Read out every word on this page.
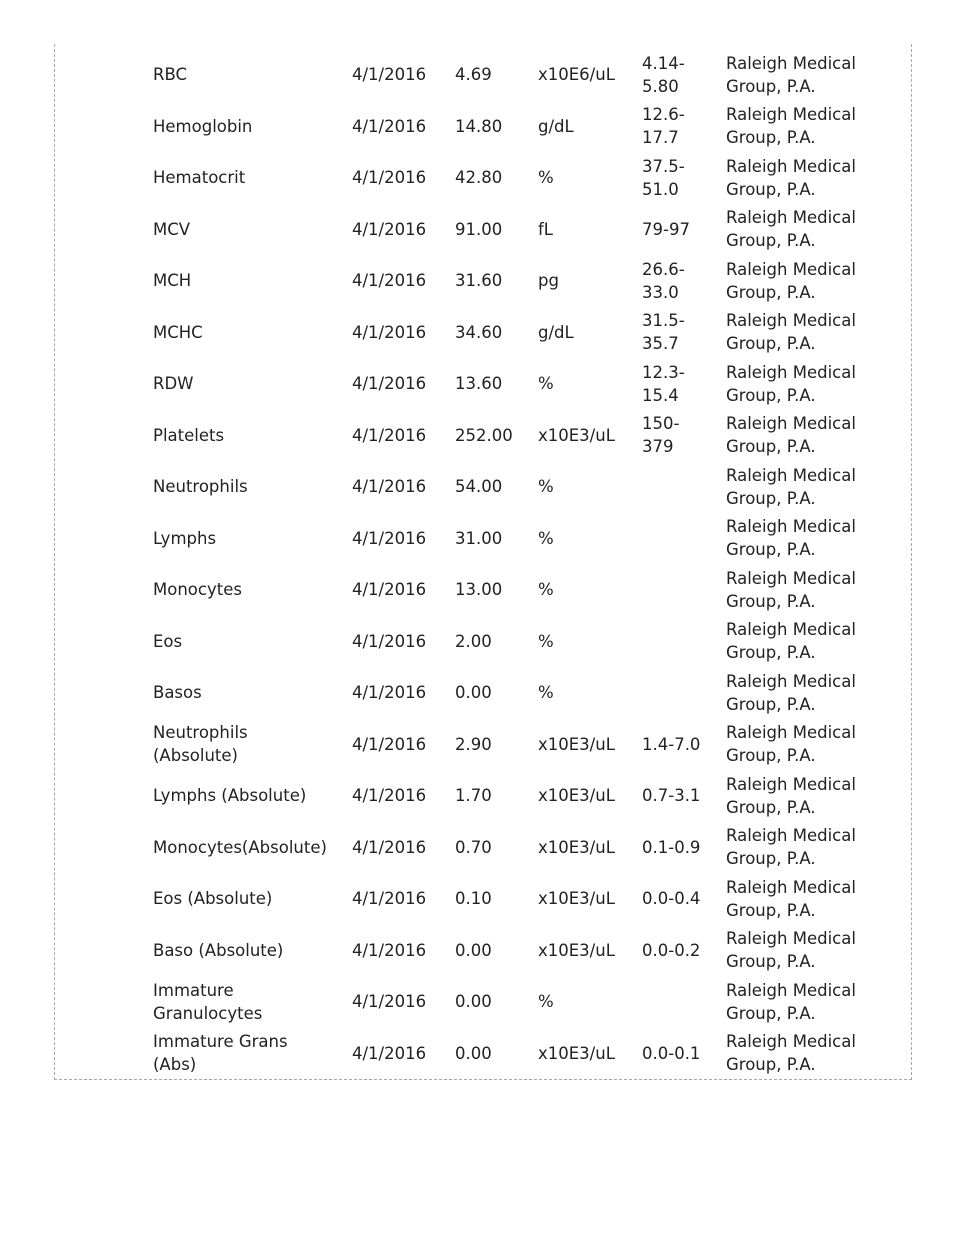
RBC	4/1/2016	4.69	x10E6/uL	4.14-
5.80	Raleigh Medical
Group, P.A.
Hemoglobin	4/1/2016	14.80	g/dL	12.6-
17.7	Raleigh Medical
Group, P.A.
Hematocrit	4/1/2016	42.80	%	37.5-
51.0	Raleigh Medical
Group, P.A.
MCV	4/1/2016	91.00	fL	79-97	Raleigh Medical
Group, P.A.
MCH	4/1/2016	31.60	pg	26.6-
33.0	Raleigh Medical
Group, P.A.
MCHC	4/1/2016	34.60	g/dL	31.5-
35.7	Raleigh Medical
Group, P.A.
RDW	4/1/2016	13.60	%	12.3-
15.4	Raleigh Medical
Group, P.A.
Platelets	4/1/2016	252.00	x10E3/uL	150-
379	Raleigh Medical
Group, P.A.
Neutrophils	4/1/2016	54.00	%		Raleigh Medical
Group, P.A.
Lymphs	4/1/2016	31.00	%		Raleigh Medical
Group, P.A.
Monocytes	4/1/2016	13.00	%		Raleigh Medical
Group, P.A.
Eos	4/1/2016	2.00	%		Raleigh Medical
Group, P.A.
Basos	4/1/2016	0.00	%		Raleigh Medical
Group, P.A.
Neutrophils
(Absolute)	4/1/2016	2.90	x10E3/uL	1.4-7.0	Raleigh Medical
Group, P.A.
Lymphs (Absolute)	4/1/2016	1.70	x10E3/uL	0.7-3.1	Raleigh Medical
Group, P.A.
Monocytes(Absolute)	4/1/2016	0.70	x10E3/uL	0.1-0.9	Raleigh Medical
Group, P.A.
Eos (Absolute)	4/1/2016	0.10	x10E3/uL	0.0-0.4	Raleigh Medical
Group, P.A.
Baso (Absolute)	4/1/2016	0.00	x10E3/uL	0.0-0.2	Raleigh Medical
Group, P.A.
Immature
Granulocytes	4/1/2016	0.00	%		Raleigh Medical
Group, P.A.
Immature Grans
(Abs)	4/1/2016	0.00	x10E3/uL	0.0-0.1	Raleigh Medical
Group, P.A.
